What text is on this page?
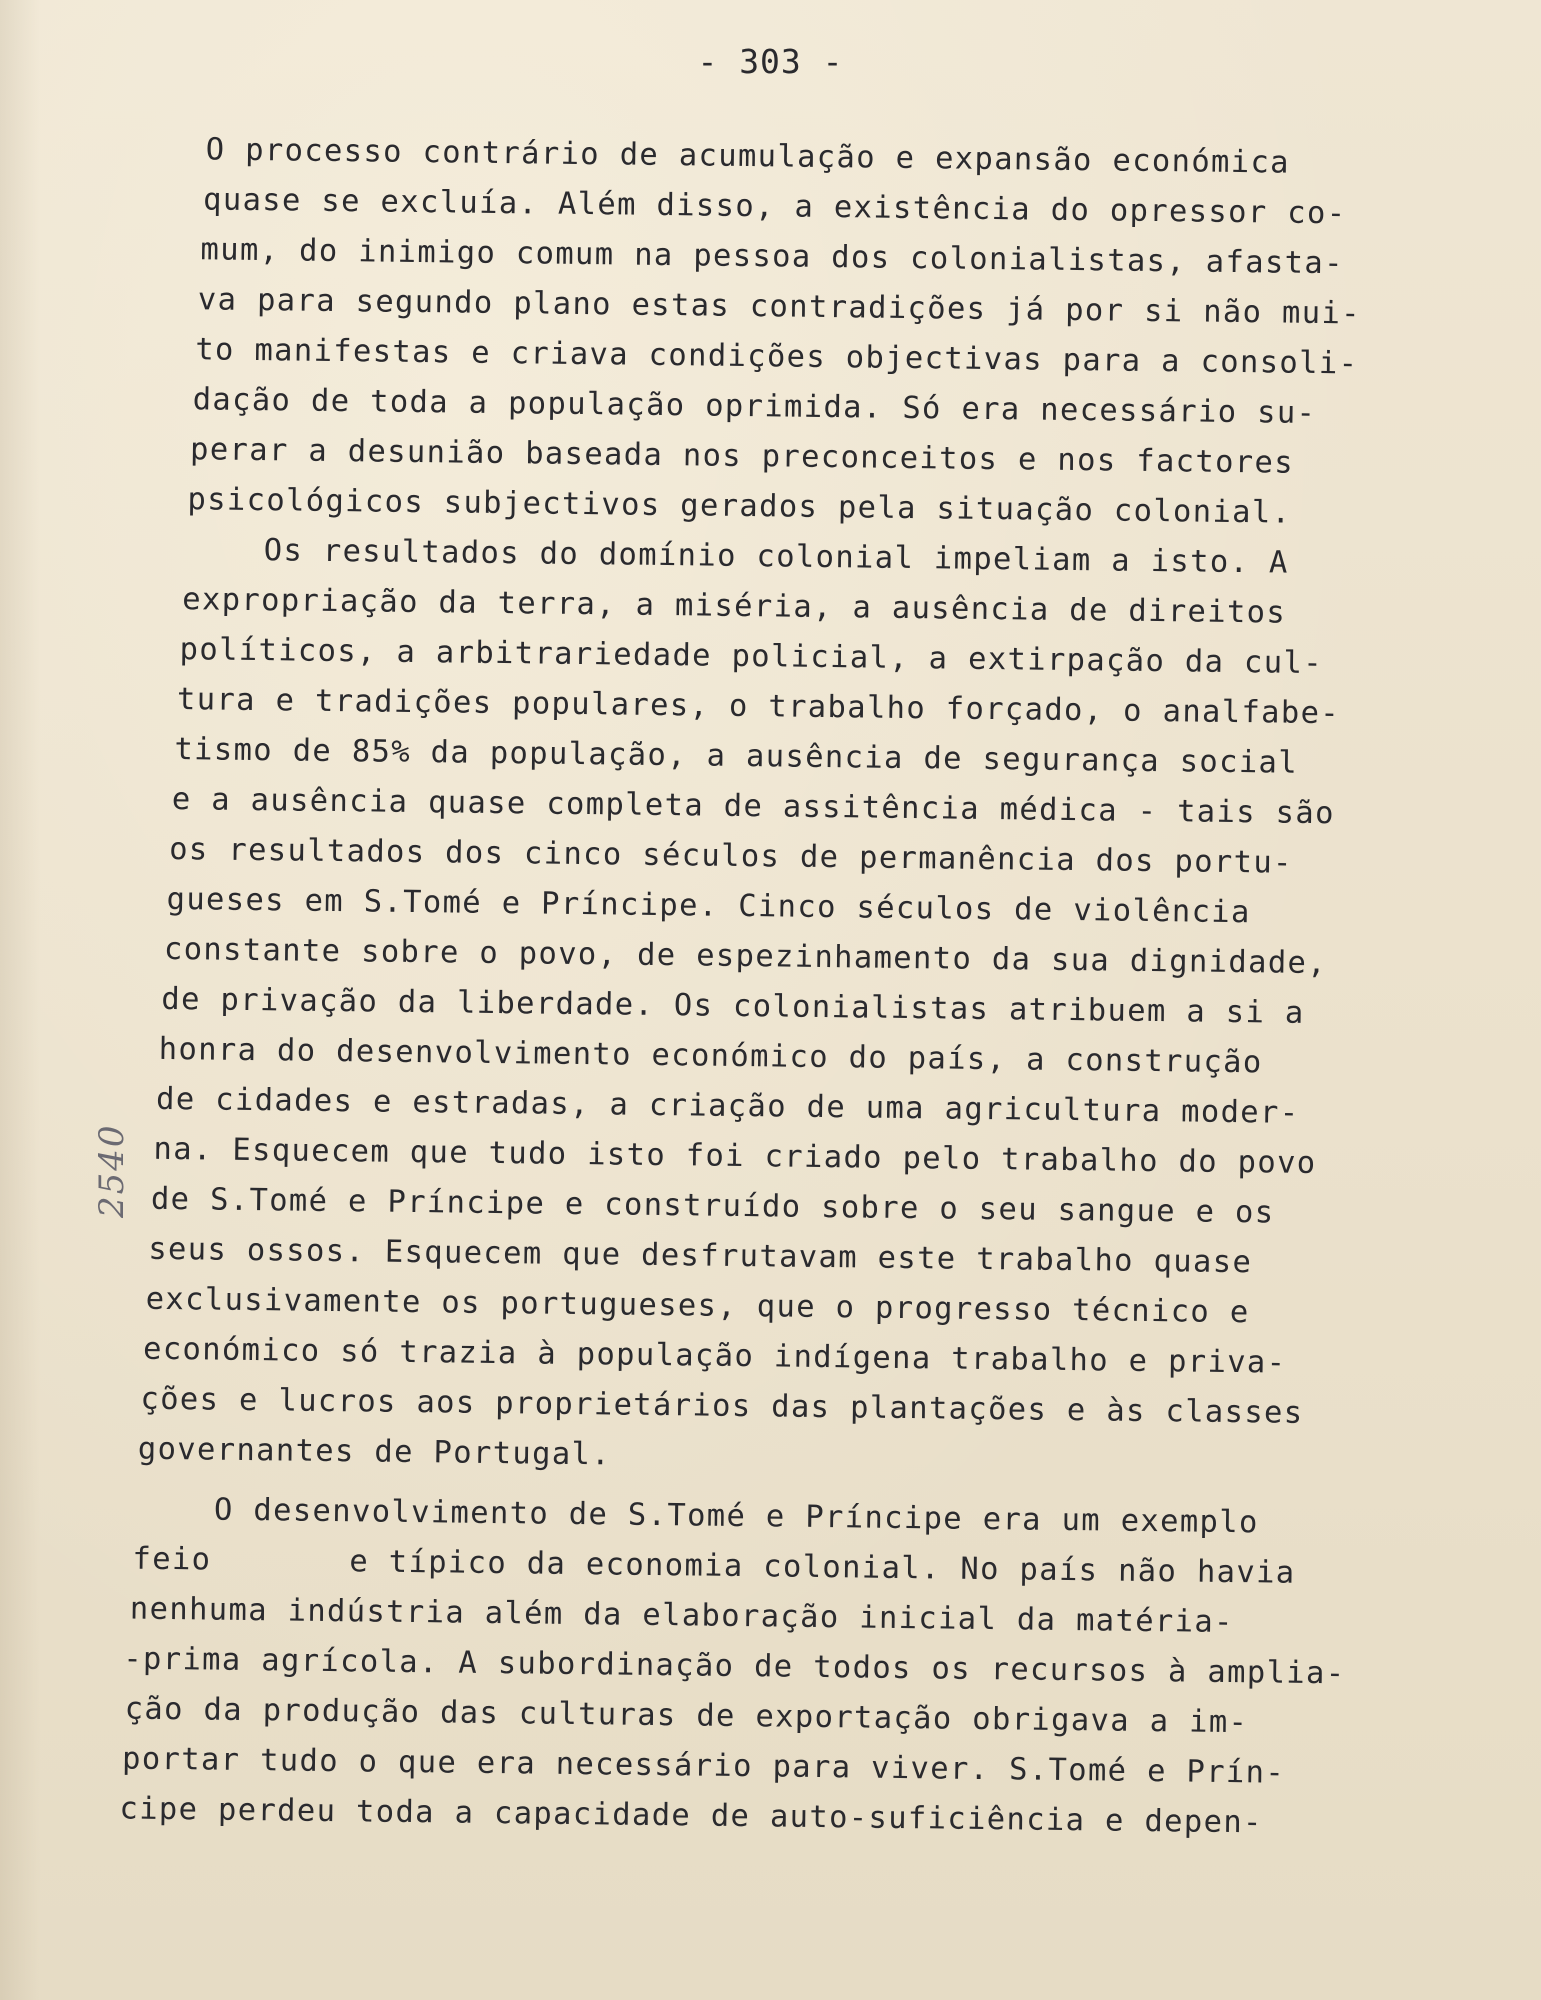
- 303 -
2540
O processo contrário de acumulação e expansão económica
quase se excluía. Além disso, a existência do opressor co-
mum, do inimigo comum na pessoa dos colonialistas, afasta-
va para segundo plano estas contradições já por si não mui-
to manifestas e criava condições objectivas para a consoli-
dação de toda a população oprimida. Só era necessário su-
perar a desunião baseada nos preconceitos e nos factores
psicológicos subjectivos gerados pela situação colonial.
Os resultados do domínio colonial impeliam a isto. A
expropriação da terra, a miséria, a ausência de direitos
políticos, a arbitrariedade policial, a extirpação da cul-
tura e tradições populares, o trabalho forçado, o analfabe-
tismo de 85% da população, a ausência de segurança social
e a ausência quase completa de assitência médica - tais são
os resultados dos cinco séculos de permanência dos portu-
gueses em S.Tomé e Príncipe. Cinco séculos de violência
constante sobre o povo, de espezinhamento da sua dignidade,
de privação da liberdade. Os colonialistas atribuem a si a
honra do desenvolvimento económico do país, a construção
de cidades e estradas, a criação de uma agricultura moder-
na. Esquecem que tudo isto foi criado pelo trabalho do povo
de S.Tomé e Príncipe e construído sobre o seu sangue e os
seus ossos. Esquecem que desfrutavam este trabalho quase
exclusivamente os portugueses, que o progresso técnico e
económico só trazia à população indígena trabalho e priva-
ções e lucros aos proprietários das plantações e às classes
governantes de Portugal.
O desenvolvimento de S.Tomé e Príncipe era um exemplo
feio       e típico da economia colonial. No país não havia
nenhuma indústria além da elaboração inicial da matéria-
-prima agrícola. A subordinação de todos os recursos à amplia-
ção da produção das culturas de exportação obrigava a im-
portar tudo o que era necessário para viver. S.Tomé e Prín-
cipe perdeu toda a capacidade de auto-suficiência e depen-
